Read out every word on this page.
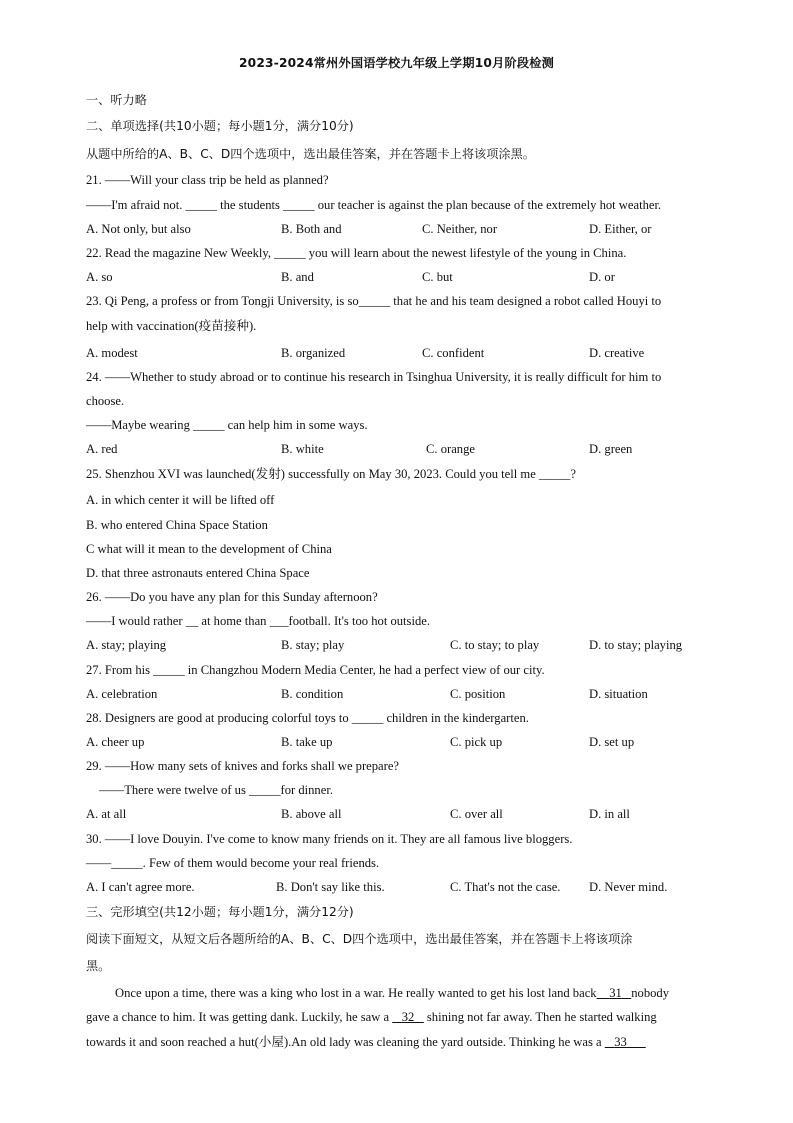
2023-2024常州外国语学校九年级上学期10月阶段检测
一、听力略
二、单项选择(共10小题；每小题1分，满分10分)
从题中所给的A、B、C、D四个选项中，选出最佳答案，并在答题卡上将该项涂黑。
21. ——Will your class trip be held as planned?
——I'm afraid not. _____ the students _____ our teacher is against the plan because of the extremely hot weather.
A. Not only, but also	B. Both and	C. Neither, nor	D. Either, or
22. Read the magazine New Weekly, _____ you will learn about the newest lifestyle of the young in China.
A. so	B. and	C. but	D. or
23. Qi Peng, a profess or from Tongji University, is so_____ that he and his team designed a robot called Houyi to
help with vaccination(疫苗接种).
A. modest	B. organized	C. confident	D. creative
24. ——Whether to study abroad or to continue his research in Tsinghua University, it is really difficult for him to
choose.
——Maybe wearing _____ can help him in some ways.
A. red	B. white	C. orange	D. green
25. Shenzhou XVI was launched(发射) successfully on May 30, 2023. Could you tell me _____?
A. in which center it will be lifted off
B. who entered China Space Station
C what will it mean to the development of China
D. that three astronauts entered China Space
26. ——Do you have any plan for this Sunday afternoon?
——I would rather __ at home than ___football. It's too hot outside.
A. stay; playing	B. stay; play	C. to stay; to play	D. to stay; playing
27. From his _____ in Changzhou Modern Media Center, he had a perfect view of our city.
A. celebration	B. condition	C. position	D. situation
28. Designers are good at producing colorful toys to _____ children in the kindergarten.
A. cheer up	B. take up	C. pick up	D. set up
29. ——How many sets of knives and forks shall we prepare?
——There were twelve of us _____for dinner.
A. at all	B. above all	C. over all	D. in all
30. ——I love Douyin. I've come to know many friends on it. They are all famous live bloggers.
——_____. Few of them would become your real friends.
A. I can't agree more.	B. Don't say like this.	C. That's not the case. D. Never mind.
三、完形填空(共12小题；每小题1分，满分12分)
阅读下面短文，从短文后各题所给的A、B、C、D四个选项中，选出最佳答案，并在答题卡上将该项涂
黑。
Once upon a time, there was a king who lost in a war. He really wanted to get his lost land back 31 nobody
gave a chance to him. It was getting dank. Luckily, he saw a 32 shining not far away. Then he started walking
towards it and soon reached a hut(小屋).An old lady was cleaning the yard outside. Thinking he was a 33
